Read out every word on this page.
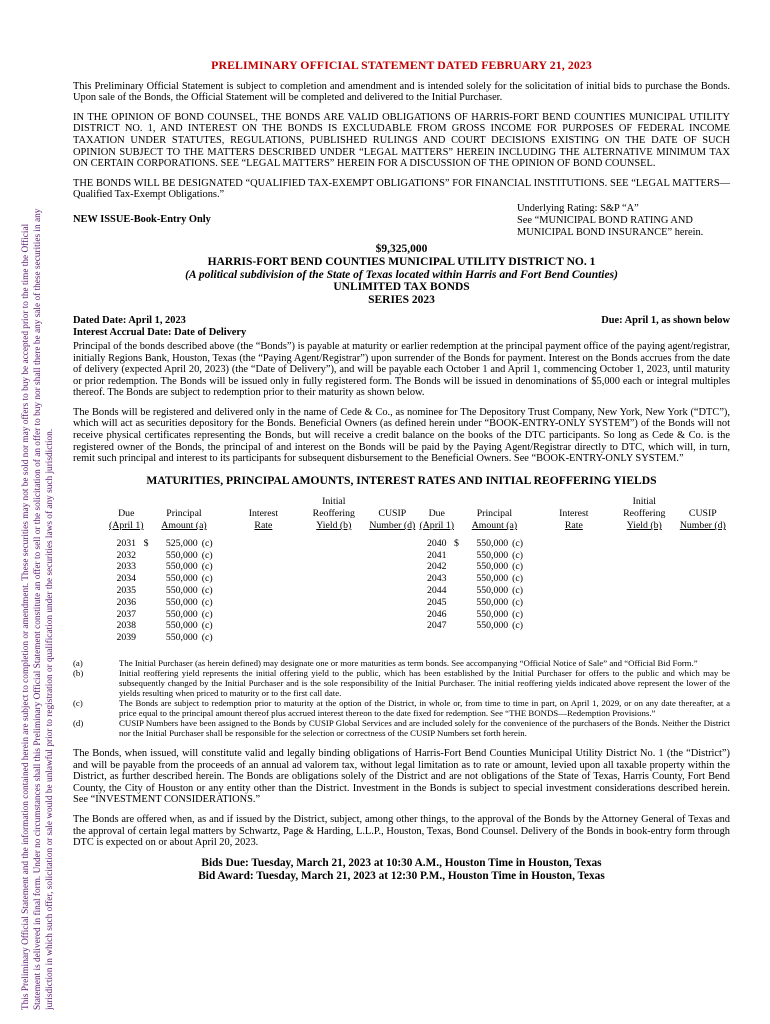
This Preliminary Official Statement and the information contained herein are subject to completion or amendment. These securities may not be sold nor may offers to buy be accepted prior to the time the Official Statement is delivered in final form. Under no circumstances shall this Preliminary Official Statement constitute an offer to sell or the solicitation of an offer to buy nor shall there be any sale of these securities in any jurisdiction in which such offer, solicitation or sale would be unlawful prior to registration or qualification under the securities laws of any such jurisdiction.
PRELIMINARY OFFICIAL STATEMENT DATED FEBRUARY 21, 2023

This Preliminary Official Statement is subject to completion and amendment and is intended solely for the solicitation of initial bids to purchase the Bonds. Upon sale of the Bonds, the Official Statement will be completed and delivered to the Initial Purchaser.

IN THE OPINION OF BOND COUNSEL, THE BONDS ARE VALID OBLIGATIONS OF HARRIS-FORT BEND COUNTIES MUNICIPAL UTILITY DISTRICT NO. 1, AND INTEREST ON THE BONDS IS EXCLUDABLE FROM GROSS INCOME FOR PURPOSES OF FEDERAL INCOME TAXATION UNDER STATUTES, REGULATIONS, PUBLISHED RULINGS AND COURT DECISIONS EXISTING ON THE DATE OF SUCH OPINION SUBJECT TO THE MATTERS DESCRIBED UNDER “LEGAL MATTERS” HEREIN INCLUDING THE ALTERNATIVE MINIMUM TAX ON CERTAIN CORPORATIONS. SEE “LEGAL MATTERS” HEREIN FOR A DISCUSSION OF THE OPINION OF BOND COUNSEL.

THE BONDS WILL BE DESIGNATED “QUALIFIED TAX-EXEMPT OBLIGATIONS” FOR FINANCIAL INSTITUTIONS. SEE “LEGAL MATTERS—Qualified Tax-Exempt Obligations.”

NEW ISSUE-Book-Entry Only
Underlying Rating: S&P “A”
See “MUNICIPAL BOND RATING AND
MUNICIPAL BOND INSURANCE” herein.
$9,325,000
HARRIS-FORT BEND COUNTIES MUNICIPAL UTILITY DISTRICT NO. 1
(A political subdivision of the State of Texas located within Harris and Fort Bend Counties)
UNLIMITED TAX BONDS
SERIES 2023
Dated Date: April 1, 2023
Interest Accrual Date: Date of Delivery
Due: April 1, as shown below

Principal of the bonds described above (the “Bonds”) is payable at maturity or earlier redemption at the principal payment office of the paying agent/registrar, initially Regions Bank, Houston, Texas (the “Paying Agent/Registrar”) upon surrender of the Bonds for payment. Interest on the Bonds accrues from the date of delivery (expected April 20, 2023) (the “Date of Delivery”), and will be payable each October 1 and April 1, commencing October 1, 2023, until maturity or prior redemption. The Bonds will be issued only in fully registered form. The Bonds will be issued in denominations of $5,000 each or integral multiples thereof. The Bonds are subject to redemption prior to their maturity as shown below.

The Bonds will be registered and delivered only in the name of Cede & Co., as nominee for The Depository Trust Company, New York, New York (“DTC”), which will act as securities depository for the Bonds. Beneficial Owners (as defined herein under “BOOK-ENTRY-ONLY SYSTEM”) of the Bonds will not receive physical certificates representing the Bonds, but will receive a credit balance on the books of the DTC participants. So long as Cede & Co. is the registered owner of the Bonds, the principal of and interest on the Bonds will be paid by the Paying Agent/Registrar directly to DTC, which will, in turn, remit such principal and interest to its participants for subsequent disbursement to the Beneficial Owners. See “BOOK-ENTRY-ONLY SYSTEM.”

MATURITIES, PRINCIPAL AMOUNTS, INTEREST RATES AND INITIAL REOFFERING YIELDS
						Initial								Initial	
Due	Principal			Interest		Reoffering	CUSIP	Due	Principal			Interest		Reoffering	CUSIP
(April 1)	Amount (a)			Rate		Yield (b)	Number (d)	(April 1)	Amount (a)			Rate		Yield (b)	Number (d)

2031	$	525,000	(c)					2040	$	550,000	(c)				
2032		550,000	(c)					2041		550,000	(c)				
2033		550,000	(c)					2042		550,000	(c)				
2034		550,000	(c)					2043		550,000	(c)				
2035		550,000	(c)					2044		550,000	(c)				
2036		550,000	(c)					2045		550,000	(c)				
2037		550,000	(c)					2046		550,000	(c)				
2038		550,000	(c)					2047		550,000	(c)				
2039		550,000	(c)												
(a)	The Initial Purchaser (as herein defined) may designate one or more maturities as term bonds. See accompanying “Official Notice of Sale” and “Official Bid Form.”
(b)	Initial reoffering yield represents the initial offering yield to the public, which has been established by the Initial Purchaser for offers to the public and which may be subsequently changed by the Initial Purchaser and is the sole responsibility of the Initial Purchaser. The initial reoffering yields indicated above represent the lower of the yields resulting when priced to maturity or to the first call date.
(c)	The Bonds are subject to redemption prior to maturity at the option of the District, in whole or, from time to time in part, on April 1, 2029, or on any date thereafter, at a price equal to the principal amount thereof plus accrued interest thereon to the date fixed for redemption. See “THE BONDS—Redemption Provisions.”
(d)	CUSIP Numbers have been assigned to the Bonds by CUSIP Global Services and are included solely for the convenience of the purchasers of the Bonds. Neither the District nor the Initial Purchaser shall be responsible for the selection or correctness of the CUSIP Numbers set forth herein.

The Bonds, when issued, will constitute valid and legally binding obligations of Harris-Fort Bend Counties Municipal Utility District No. 1 (the “District”) and will be payable from the proceeds of an annual ad valorem tax, without legal limitation as to rate or amount, levied upon all taxable property within the District, as further described herein. The Bonds are obligations solely of the District and are not obligations of the State of Texas, Harris County, Fort Bend County, the City of Houston or any entity other than the District. Investment in the Bonds is subject to special investment considerations described herein. See “INVESTMENT CONSIDERATIONS.”

The Bonds are offered when, as and if issued by the District, subject, among other things, to the approval of the Bonds by the Attorney General of Texas and the approval of certain legal matters by Schwartz, Page & Harding, L.L.P., Houston, Texas, Bond Counsel. Delivery of the Bonds in book-entry form through DTC is expected on or about April 20, 2023.

Bids Due: Tuesday, March 21, 2023 at 10:30 A.M., Houston Time in Houston, Texas
Bid Award: Tuesday, March 21, 2023 at 12:30 P.M., Houston Time in Houston, Texas
